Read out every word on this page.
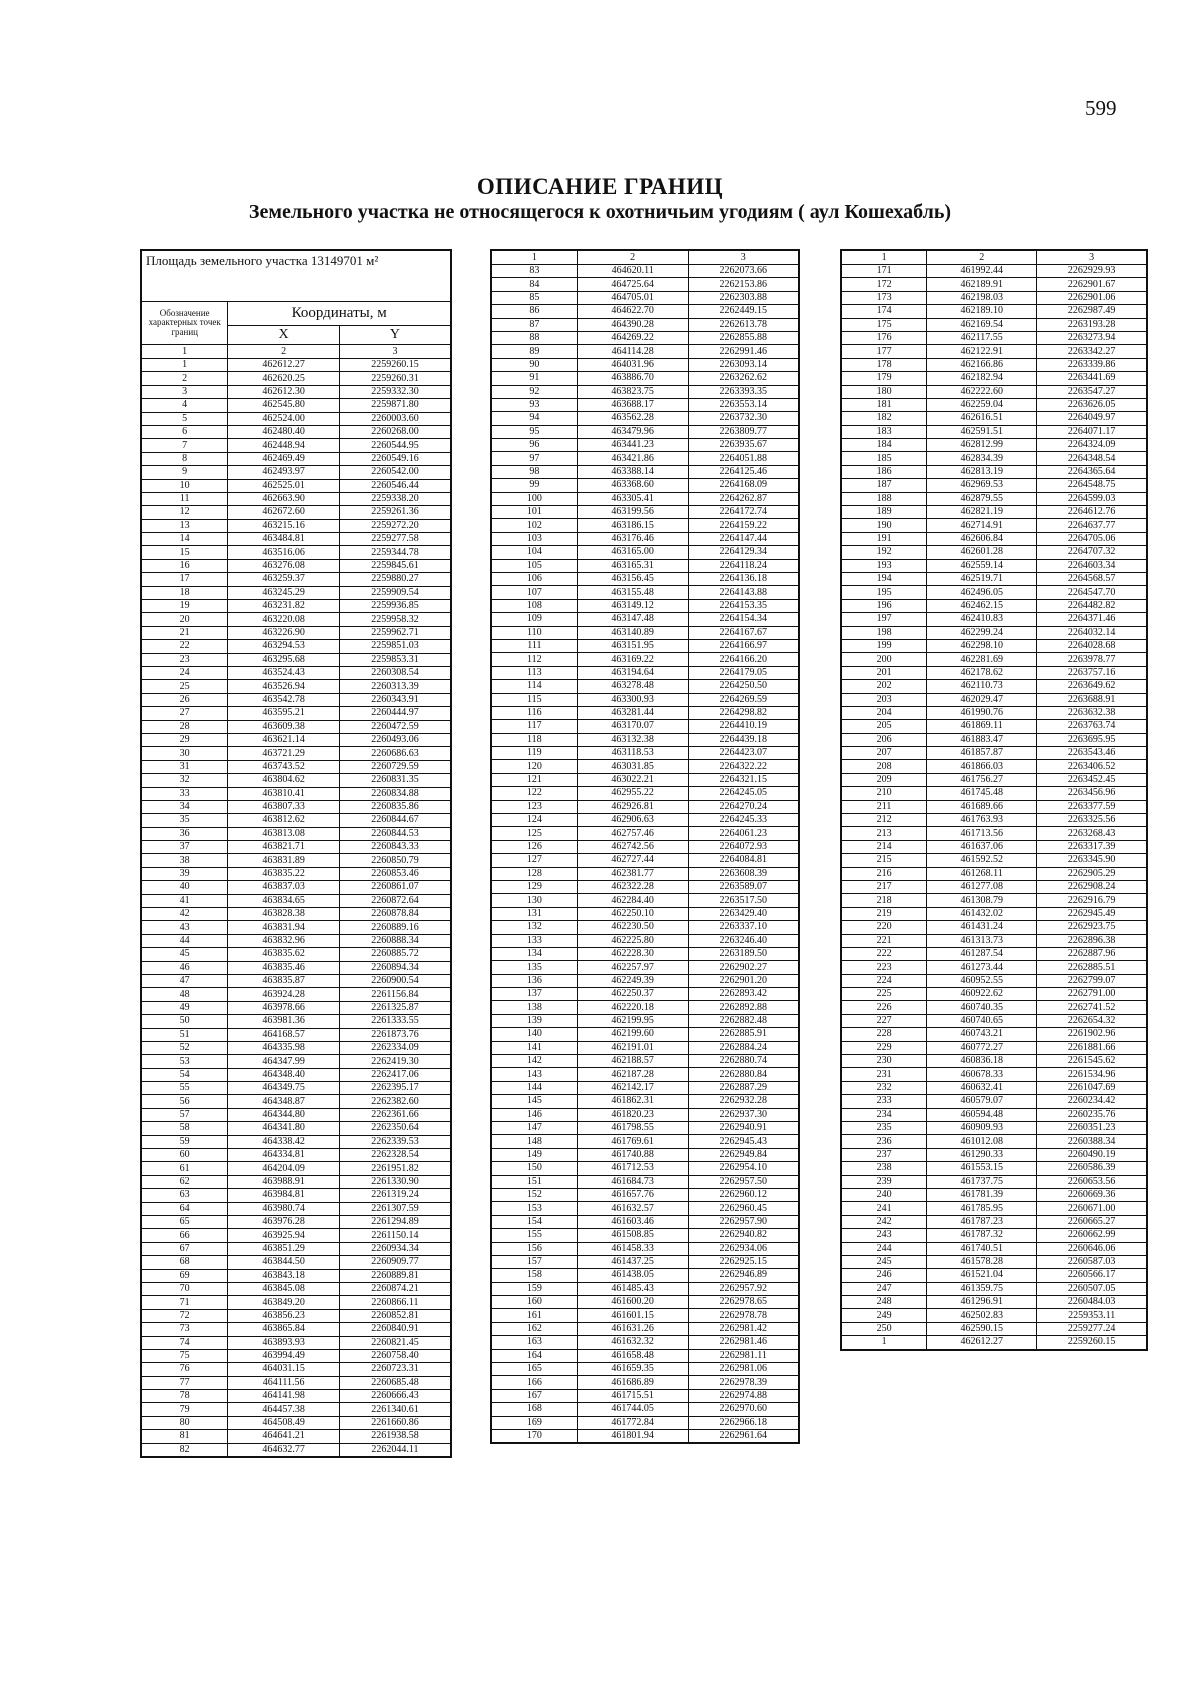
599
ОПИСАНИЕ ГРАНИЦ
Земельного участка не относящегося к охотничьим угодиям ( аул Кошехабль)
Площадь земельного участка 13149701 м²		
Обозначение характерных точек границ	Координаты, м	
	X	Y
1	2	3
1	462612.27	2259260.15
2	462620.25	2259260.31
3	462612.30	2259332.30
4	462545.80	2259871.80
5	462524.00	2260003.60
6	462480.40	2260268.00
7	462448.94	2260544.95
8	462469.49	2260549.16
9	462493.97	2260542.00
10	462525.01	2260546.44
11	462663.90	2259338.20
12	462672.60	2259261.36
13	463215.16	2259272.20
14	463484.81	2259277.58
15	463516.06	2259344.78
16	463276.08	2259845.61
17	463259.37	2259880.27
18	463245.29	2259909.54
19	463231.82	2259936.85
20	463220.08	2259958.32
21	463226.90	2259962.71
22	463294.53	2259851.03
23	463295.68	2259853.31
24	463524.43	2260308.54
25	463526.94	2260313.39
26	463542.78	2260343.91
27	463595.21	2260444.97
28	463609.38	2260472.59
29	463621.14	2260493.06
30	463721.29	2260686.63
31	463743.52	2260729.59
32	463804.62	2260831.35
33	463810.41	2260834.88
34	463807.33	2260835.86
35	463812.62	2260844.67
36	463813.08	2260844.53
37	463821.71	2260843.33
38	463831.89	2260850.79
39	463835.22	2260853.46
40	463837.03	2260861.07
41	463834.65	2260872.64
42	463828.38	2260878.84
43	463831.94	2260889.16
44	463832.96	2260888.34
45	463835.62	2260885.72
46	463835.46	2260894.34
47	463835.87	2260900.54
48	463924.28	2261156.84
49	463978.66	2261325.87
50	463981.36	2261333.55
51	464168.57	2261873.76
52	464335.98	2262334.09
53	464347.99	2262419.30
54	464348.40	2262417.06
55	464349.75	2262395.17
56	464348.87	2262382.60
57	464344.80	2262361.66
58	464341.80	2262350.64
59	464338.42	2262339.53
60	464334.81	2262328.54
61	464204.09	2261951.82
62	463988.91	2261330.90
63	463984.81	2261319.24
64	463980.74	2261307.59
65	463976.28	2261294.89
66	463925.94	2261150.14
67	463851.29	2260934.34
68	463844.50	2260909.77
69	463843.18	2260889.81
70	463845.08	2260874.21
71	463849.20	2260866.11
72	463856.23	2260852.81
73	463865.84	2260840.91
74	463893.93	2260821.45
75	463994.49	2260758.40
76	464031.15	2260723.31
77	464111.56	2260685.48
78	464141.98	2260666.43
79	464457.38	2261340.61
80	464508.49	2261660.86
81	464641.21	2261938.58
82	464632.77	2262044.11
1	2	3
83	464620.11	2262073.66
84	464725.64	2262153.86
85	464705.01	2262303.88
86	464622.70	2262449.15
87	464390.28	2262613.78
88	464269.22	2262855.88
89	464114.28	2262991.46
90	464031.96	2263093.14
91	463886.70	2263262.62
92	463823.75	2263393.35
93	463688.17	2263553.14
94	463562.28	2263732.30
95	463479.96	2263809.77
96	463441.23	2263935.67
97	463421.86	2264051.88
98	463388.14	2264125.46
99	463368.60	2264168.09
100	463305.41	2264262.87
101	463199.56	2264172.74
102	463186.15	2264159.22
103	463176.46	2264147.44
104	463165.00	2264129.34
105	463165.31	2264118.24
106	463156.45	2264136.18
107	463155.48	2264143.88
108	463149.12	2264153.35
109	463147.48	2264154.34
110	463140.89	2264167.67
111	463151.95	2264166.97
112	463169.22	2264166.20
113	463194.64	2264179.05
114	463278.48	2264250.50
115	463300.93	2264269.59
116	463281.44	2264298.82
117	463170.07	2264410.19
118	463132.38	2264439.18
119	463118.53	2264423.07
120	463031.85	2264322.22
121	463022.21	2264321.15
122	462955.22	2264245.05
123	462926.81	2264270.24
124	462906.63	2264245.33
125	462757.46	2264061.23
126	462742.56	2264072.93
127	462727.44	2264084.81
128	462381.77	2263608.39
129	462322.28	2263589.07
130	462284.40	2263517.50
131	462250.10	2263429.40
132	462230.50	2263337.10
133	462225.80	2263246.40
134	462228.30	2263189.50
135	462257.97	2262902.27
136	462249.39	2262901.20
137	462250.37	2262893.42
138	462220.18	2262892.88
139	462199.95	2262882.48
140	462199.60	2262885.91
141	462191.01	2262884.24
142	462188.57	2262880.74
143	462187.28	2262880.84
144	462142.17	2262887.29
145	461862.31	2262932.28
146	461820.23	2262937.30
147	461798.55	2262940.91
148	461769.61	2262945.43
149	461740.88	2262949.84
150	461712.53	2262954.10
151	461684.73	2262957.50
152	461657.76	2262960.12
153	461632.57	2262960.45
154	461603.46	2262957.90
155	461508.85	2262940.82
156	461458.33	2262934.06
157	461437.25	2262925.15
158	461438.05	2262946.89
159	461485.43	2262957.92
160	461600.20	2262978.65
161	461601.15	2262978.78
162	461631.26	2262981.42
163	461632.32	2262981.46
164	461658.48	2262981.11
165	461659.35	2262981.06
166	461686.89	2262978.39
167	461715.51	2262974.88
168	461744.05	2262970.60
169	461772.84	2262966.18
170	461801.94	2262961.64
1	2	3
171	461992.44	2262929.93
172	462189.91	2262901.67
173	462198.03	2262901.06
174	462189.10	2262987.49
175	462169.54	2263193.28
176	462117.55	2263273.94
177	462122.91	2263342.27
178	462166.86	2263339.86
179	462182.94	2263441.69
180	462222.60	2263547.27
181	462259.04	2263626.05
182	462616.51	2264049.97
183	462591.51	2264071.17
184	462812.99	2264324.09
185	462834.39	2264348.54
186	462813.19	2264365.64
187	462969.53	2264548.75
188	462879.55	2264599.03
189	462821.19	2264612.76
190	462714.91	2264637.77
191	462606.84	2264705.06
192	462601.28	2264707.32
193	462559.14	2264603.34
194	462519.71	2264568.57
195	462496.05	2264547.70
196	462462.15	2264482.82
197	462410.83	2264371.46
198	462299.24	2264032.14
199	462298.10	2264028.68
200	462281.69	2263978.77
201	462178.62	2263757.16
202	462110.73	2263649.62
203	462029.47	2263688.91
204	461990.76	2263632.38
205	461869.11	2263763.74
206	461883.47	2263695.95
207	461857.87	2263543.46
208	461866.03	2263406.52
209	461756.27	2263452.45
210	461745.48	2263456.96
211	461689.66	2263377.59
212	461763.93	2263325.56
213	461713.56	2263268.43
214	461637.06	2263317.39
215	461592.52	2263345.90
216	461268.11	2262905.29
217	461277.08	2262908.24
218	461308.79	2262916.79
219	461432.02	2262945.49
220	461431.24	2262923.75
221	461313.73	2262896.38
222	461287.54	2262887.96
223	461273.44	2262885.51
224	460952.55	2262799.07
225	460922.62	2262791.00
226	460740.35	2262741.52
227	460740.65	2262654.32
228	460743.21	2261902.96
229	460772.27	2261881.66
230	460836.18	2261545.62
231	460678.33	2261534.96
232	460632.41	2261047.69
233	460579.07	2260234.42
234	460594.48	2260235.76
235	460909.93	2260351.23
236	461012.08	2260388.34
237	461290.33	2260490.19
238	461553.15	2260586.39
239	461737.75	2260653.56
240	461781.39	2260669.36
241	461785.95	2260671.00
242	461787.23	2260665.27
243	461787.32	2260662.99
244	461740.51	2260646.06
245	461578.28	2260587.03
246	461521.04	2260566.17
247	461359.75	2260507.05
248	461296.91	2260484.03
249	462502.83	2259353.11
250	462590.15	2259277.24
1	462612.27	2259260.15
